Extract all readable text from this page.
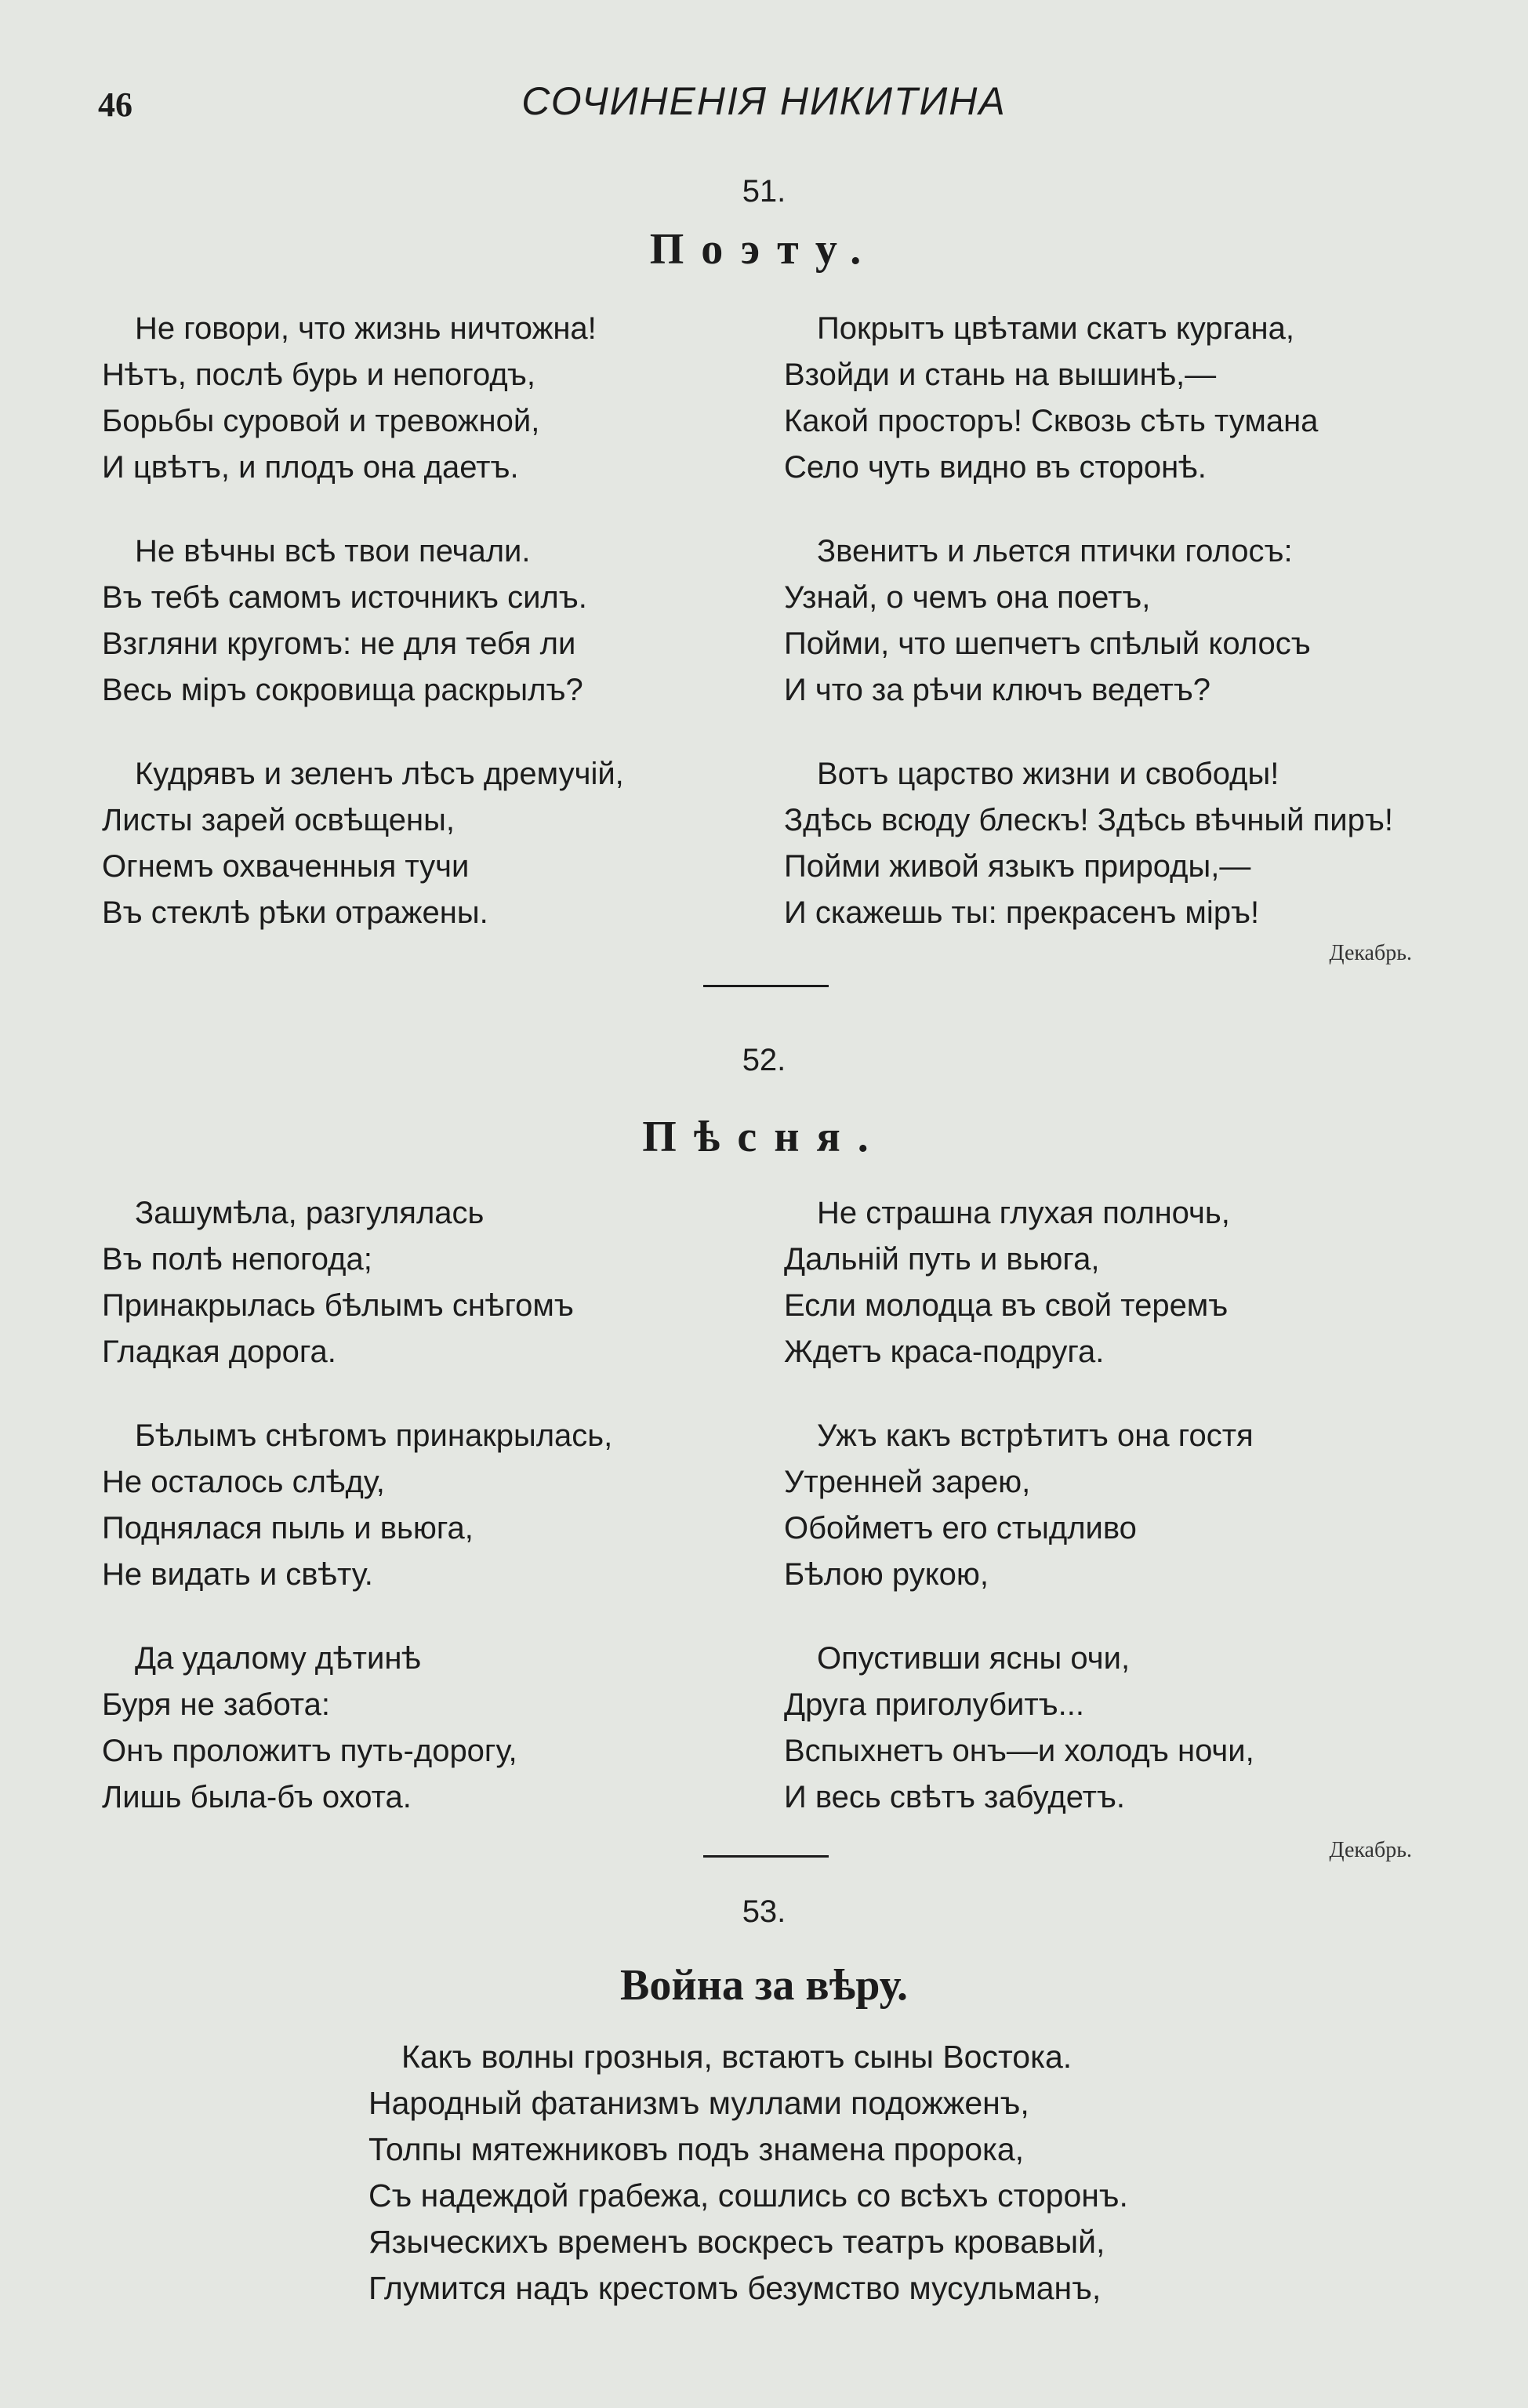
46	СОЧИНЕНІЯ НИКИТИНА
51.
Поэту.
Не говори, что жизнь ничтожна!
Нѣтъ, послѣ бурь и непогодъ,
Борьбы суровой и тревожной,
И цвѣтъ, и плодъ она даетъ.
Не вѣчны всѣ твои печали.
Въ тебѣ самомъ источникъ силъ.
Взгляни кругомъ: не для тебя ли
Весь міръ сокровища раскрылъ?
Кудрявъ и зеленъ лѣсъ дремучій,
Листы зарей освѣщены,
Огнемъ охваченныя тучи
Въ стеклѣ рѣки отражены.
Покрытъ цвѣтами скатъ кургана,
Взойди и стань на вышинѣ,—
Какой просторъ! Сквозь сѣть тумана
Село чуть видно въ сторонѣ.
Звенитъ и льется птички голосъ:
Узнай, о чемъ она поетъ,
Пойми, что шепчетъ спѣлый колосъ
И что за рѣчи ключъ ведетъ?
Вотъ царство жизни и свободы!
Здѣсь всюду блескъ! Здѣсь вѣчный пиръ!
Пойми живой языкъ природы,—
И скажешь ты: прекрасенъ міръ!
Декабрь.
52.
Пѣсня.
Зашумѣла, разгулялась
Въ полѣ непогода;
Принакрылась бѣлымъ снѣгомъ
Гладкая дорога.
Бѣлымъ снѣгомъ принакрылась,
Не осталось слѣду,
Поднялася пыль и вьюга,
Не видать и свѣту.
Да удалому дѣтинѣ
Буря не забота:
Онъ проложитъ путь-дорогу,
Лишь была-бъ охота.
Не страшна глухая полночь,
Дальній путь и вьюга,
Если молодца въ свой теремъ
Ждетъ краса-подруга.
Ужъ какъ встрѣтитъ она гостя
Утренней зарею,
Обойметъ его стыдливо
Бѣлою рукою,
Опустивши ясны очи,
Друга приголубитъ...
Вспыхнетъ онъ—и холодъ ночи,
И весь свѣтъ забудетъ.
Декабрь.
53.
Война за вѣру.
Какъ волны грозныя, встаютъ сыны Востока.
Народный фатанизмъ муллами подожженъ,
Толпы мятежниковъ подъ знамена пророка,
Съ надеждой грабежа, сошлись со всѣхъ сторонъ.
Языческихъ временъ воскресъ театръ кровавый,
Глумится надъ крестомъ безумство мусульманъ,
